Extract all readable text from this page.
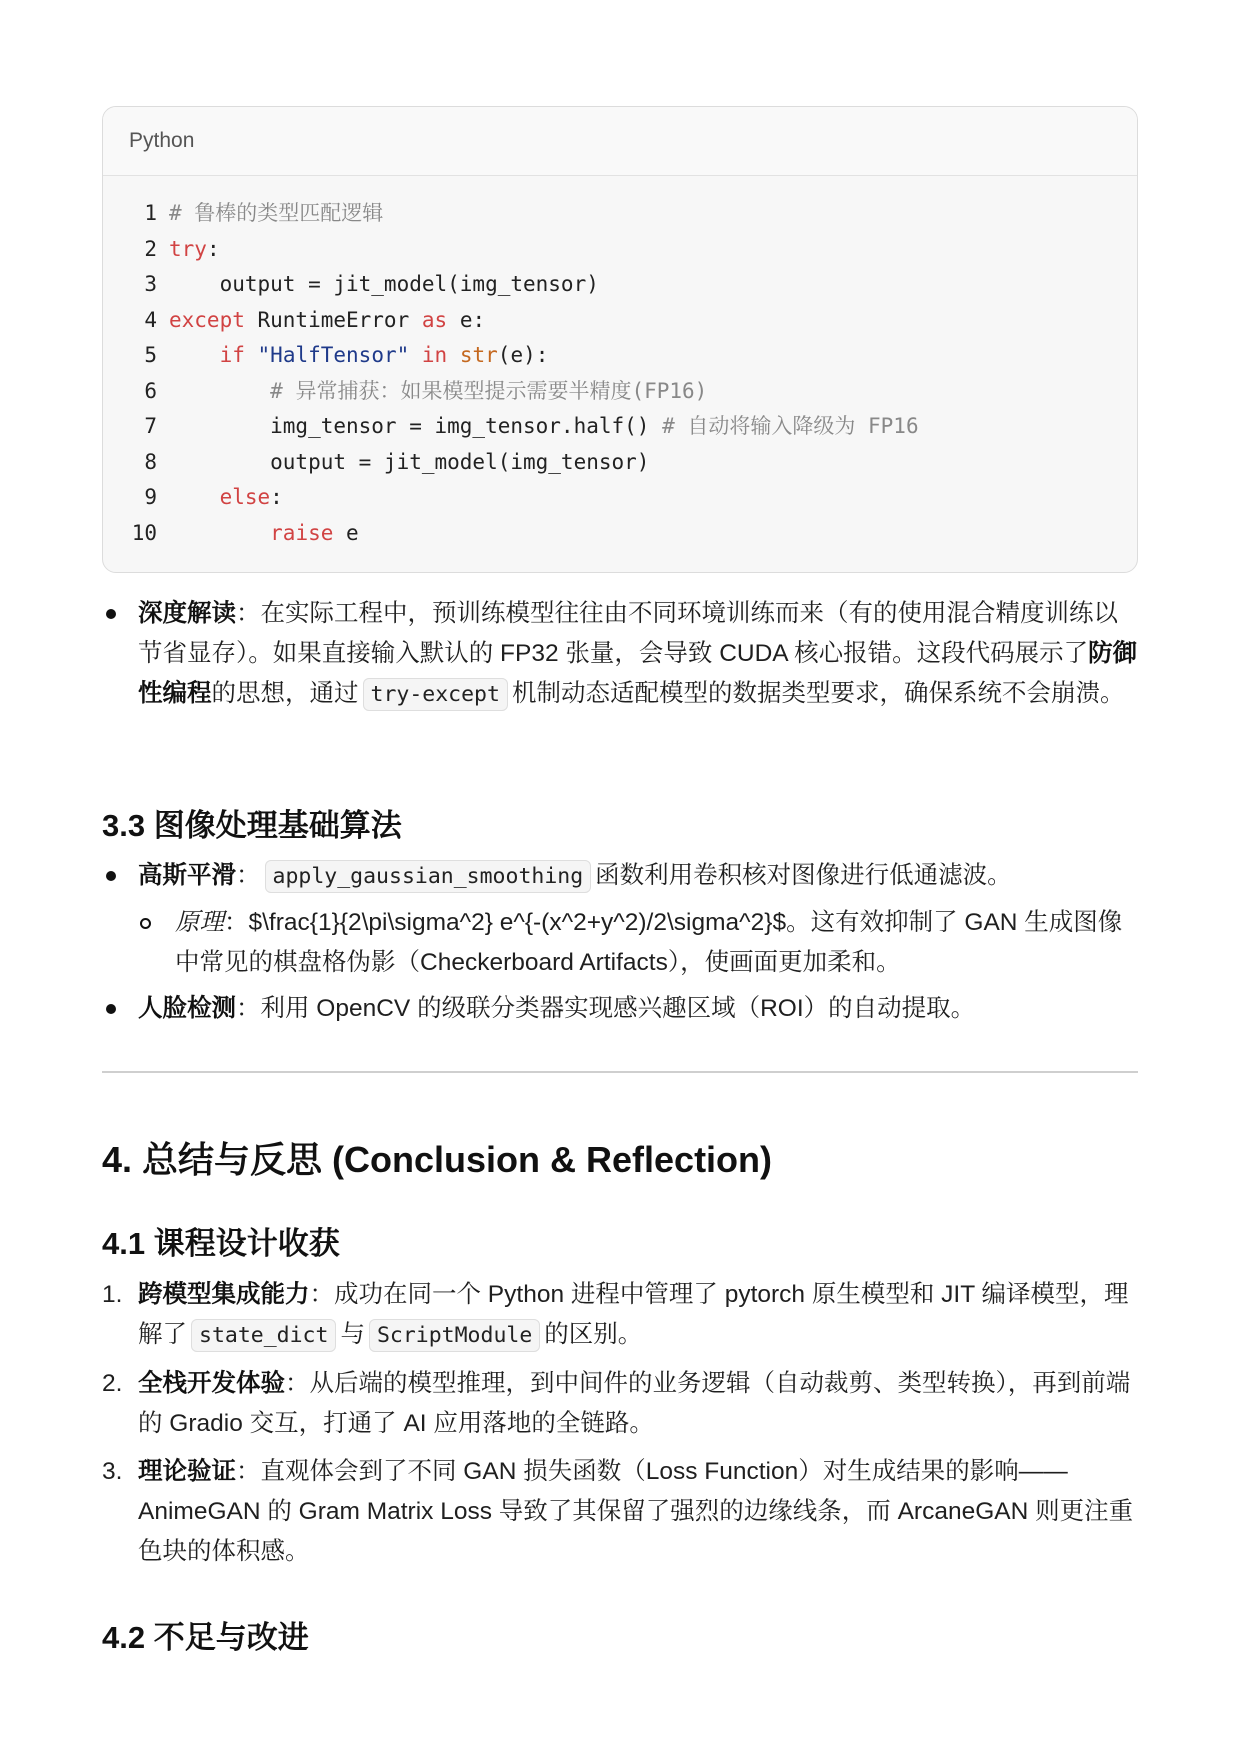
Python
1 # 鲁棒的类型匹配逻辑
2 try:
3 output = jit_model(img_tensor)
4 except RuntimeError as e:
5	if "HalfTensor" in str(e):
6	# 异常捕获：如果模型提示需要半精度(FP16)
7 img_tensor = img_tensor.half() # 自动将输入降级为 FP16
8 output = jit_model(img_tensor)
9	else:
10	raise e
深度解读：在实际工程中，预训练模型往往由不同环境训练而来（有的使用混合精度训练以节省显存）。如果直接输入默认的 FP32 张量，会导致 CUDA 核心报错。这段代码展示了防御性编程的思想，通过 try-except 机制动态适配模型的数据类型要求，确保系统不会崩溃。
3.3 图像处理基础算法
高斯平滑： apply_gaussian_smoothing 函数利用卷积核对图像进行低通滤波。
原理：$\frac{1}{2\pi\sigma^2} e^{-(x^2+y^2)/2\sigma^2}$。这有效抑制了 GAN 生成图像中常见的棋盘格伪影（Checkerboard Artifacts），使画面更加柔和。
人脸检测：利用 OpenCV 的级联分类器实现感兴趣区域（ROI）的自动提取。
4. 总结与反思 (Conclusion & Reflection)
4.1 课程设计收获
1. 跨模型集成能力：成功在同一个 Python 进程中管理了 pytorch 原生模型和 JIT 编译模型，理解了 state_dict 与 ScriptModule 的区别。
2. 全栈开发体验：从后端的模型推理，到中间件的业务逻辑（自动裁剪、类型转换），再到前端的 Gradio 交互，打通了 AI 应用落地的全链路。
3. 理论验证：直观体会到了不同 GAN 损失函数（Loss Function）对生成结果的影响——AnimeGAN 的 Gram Matrix Loss 导致了其保留了强烈的边缘线条，而 ArcaneGAN 则更注重色块的体积感。
4.2 不足与改进
